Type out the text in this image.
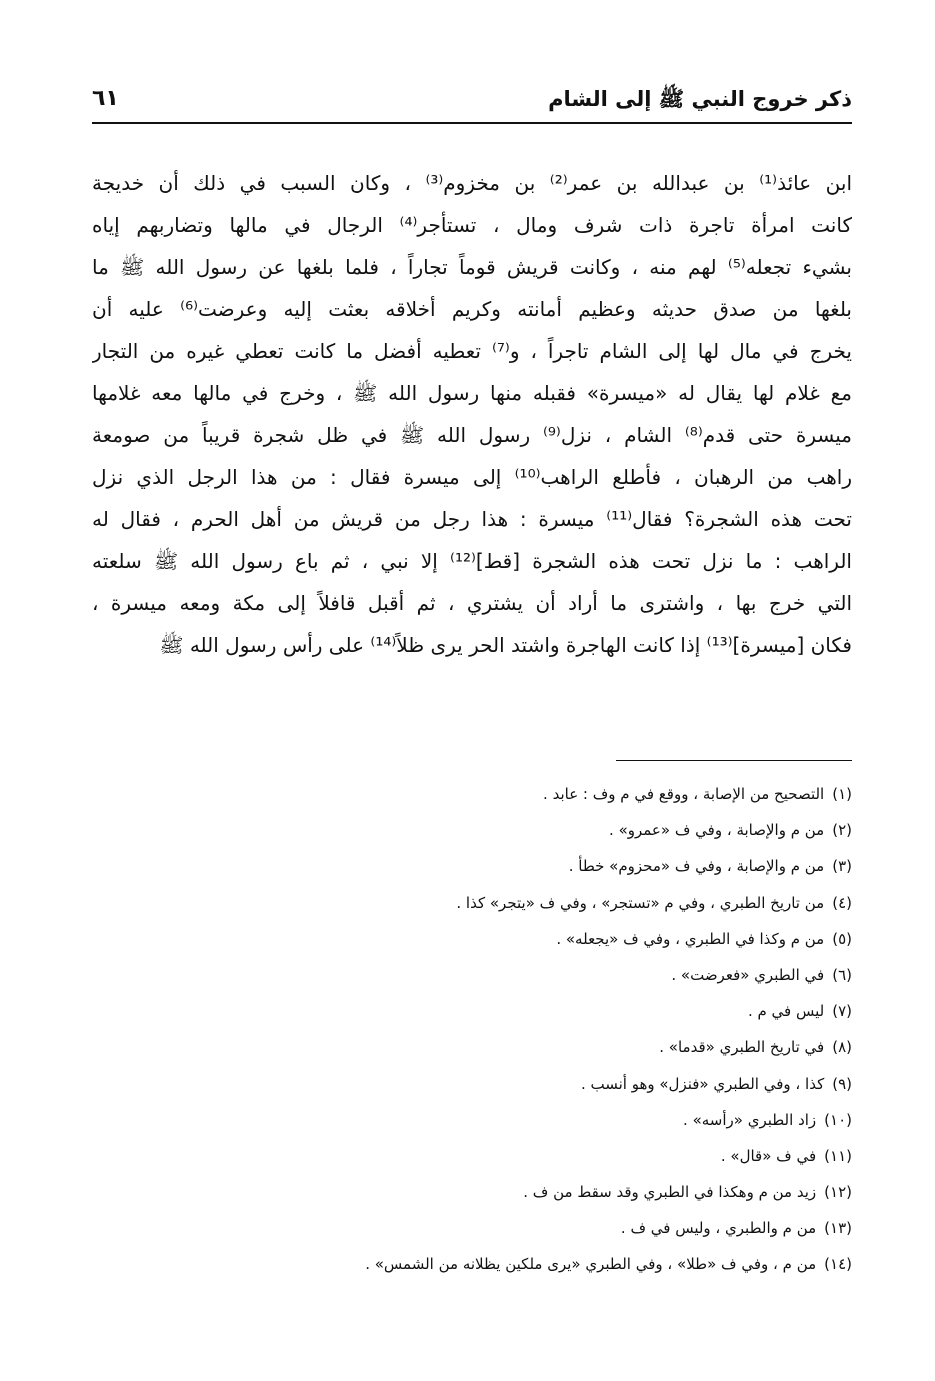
ذكر خروج النبي ﷺ إلى الشام
٦١
ابن عائذ⁽¹⁾ بن عبدالله بن عمر⁽²⁾ بن مخزوم⁽³⁾ ، وكان السبب في ذلك أن خديجة
كانت امرأة تاجرة ذات شرف ومال ، تستأجر⁽⁴⁾ الرجال في مالها وتضاربهم إياه
بشيء تجعله⁽⁵⁾ لهم منه ، وكانت قريش قوماً تجاراً ، فلما بلغها عن رسول الله ﷺ ما
بلغها من صدق حديثه وعظيم أمانته وكريم أخلاقه بعثت إليه وعرضت⁽⁶⁾ عليه أن
يخرج في مال لها إلى الشام تاجراً ، و⁽⁷⁾ تعطيه أفضل ما كانت تعطي غيره من التجار
مع غلام لها يقال له «ميسرة» فقبله منها رسول الله ﷺ ، وخرج في مالها معه غلامها
ميسرة حتى قدم⁽⁸⁾ الشام ، نزل⁽⁹⁾ رسول الله ﷺ في ظل شجرة قريباً من صومعة
راهب من الرهبان ، فأطلع الراهب⁽¹⁰⁾ إلى ميسرة فقال : من هذا الرجل الذي نزل
تحت هذه الشجرة؟ فقال⁽¹¹⁾ ميسرة : هذا رجل من قريش من أهل الحرم ، فقال له
الراهب : ما نزل تحت هذه الشجرة [قط]⁽¹²⁾ إلا نبي ، ثم باع رسول الله ﷺ سلعته
التي خرج بها ، واشترى ما أراد أن يشتري ، ثم أقبل قافلاً إلى مكة ومعه ميسرة ،
فكان [ميسرة]⁽¹³⁾ إذا كانت الهاجرة واشتد الحر يرى ظلاً⁽¹⁴⁾ على رأس رسول الله ﷺ
(١)التصحيح من الإصابة ، ووقع في م وف : عابد .
(٢)من م والإصابة ، وفي ف «عمرو» .
(٣)من م والإصابة ، وفي ف «محزوم» خطأ .
(٤)من تاريخ الطبري ، وفي م «تستجر» ، وفي ف «يتجر» كذا .
(٥)من م وكذا في الطبري ، وفي ف «يجعله» .
(٦)في الطبري «فعرضت» .
(٧)ليس في م .
(٨)في تاريخ الطبري «قدما» .
(٩)كذا ، وفي الطبري «فنزل» وهو أنسب .
(١٠)زاد الطبري «رأسه» .
(١١)في ف «قال» .
(١٢)زيد من م وهكذا في الطبري وقد سقط من ف .
(١٣)من م والطبري ، وليس في ف .
(١٤)من م ، وفي ف «طلا» ، وفي الطبري «يرى ملكين يظلانه من الشمس» .
